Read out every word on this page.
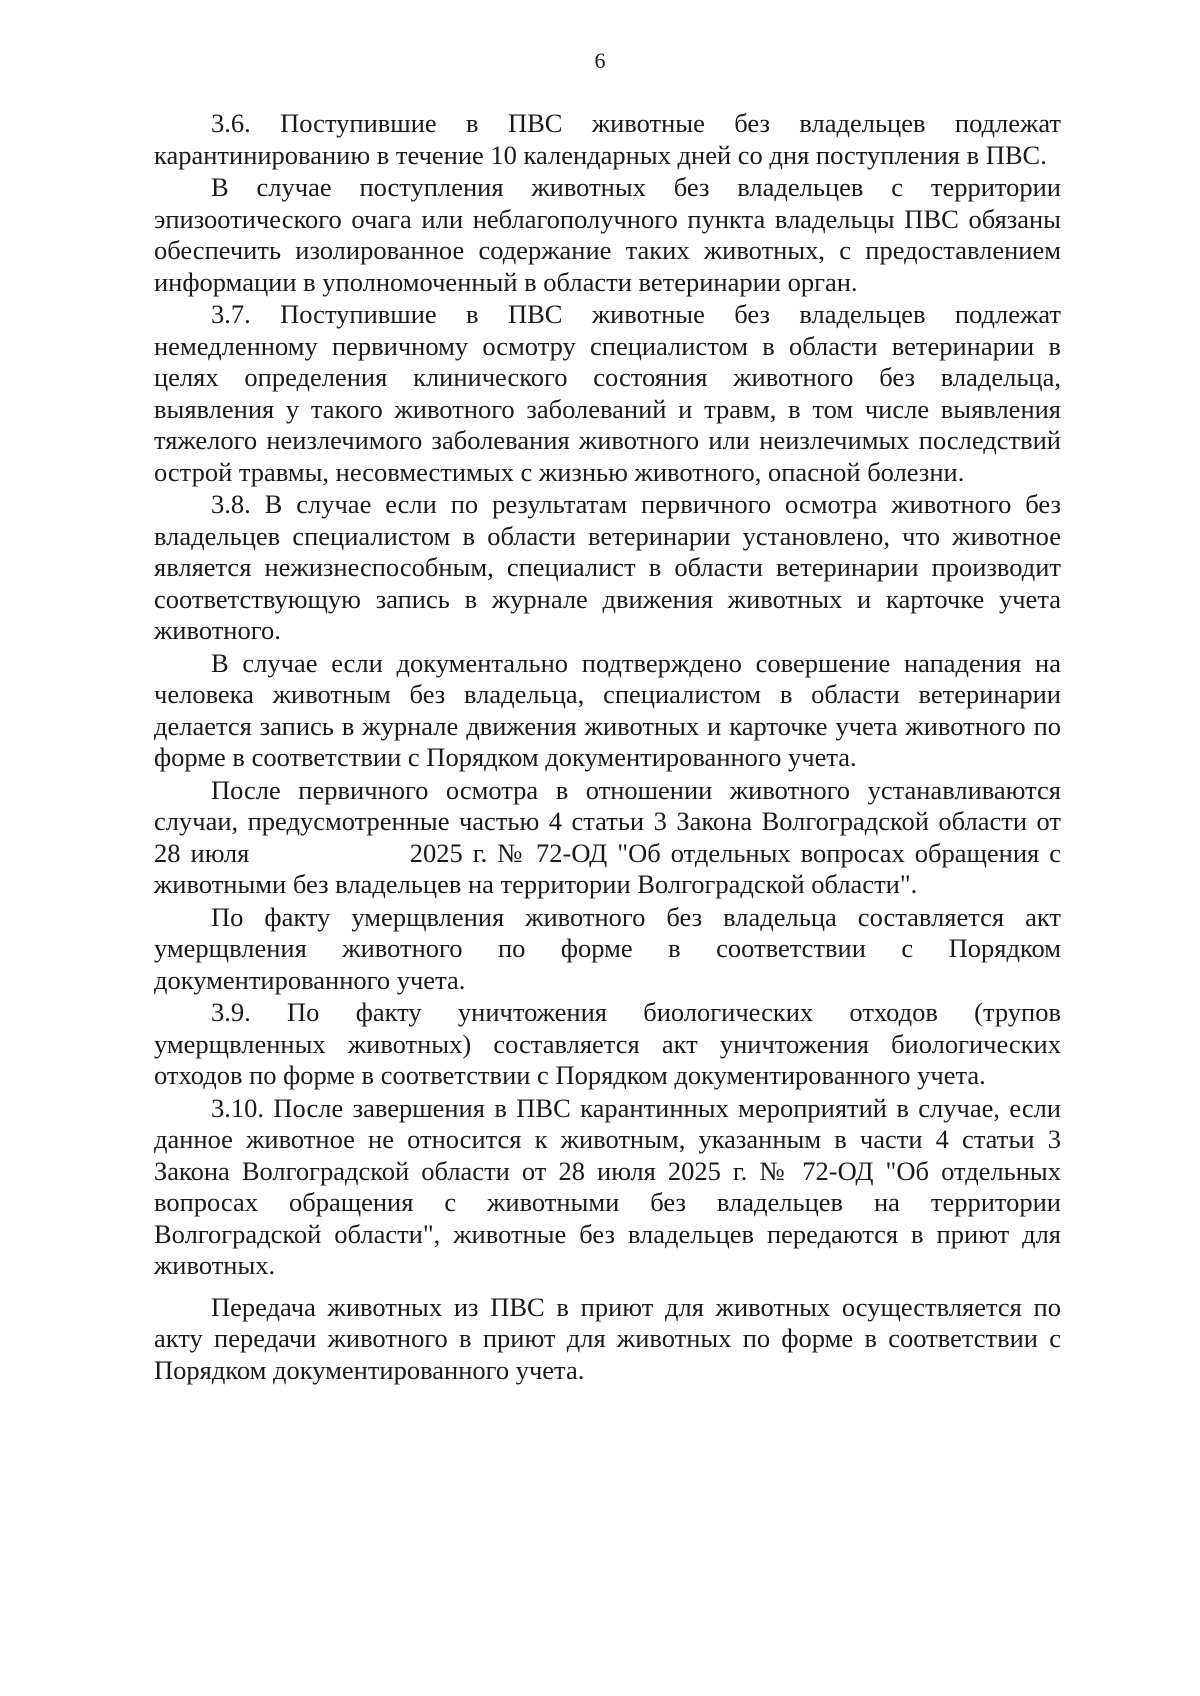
6

3.6. Поступившие в ПВС животные без владельцев подлежат карантинированию в течение 10 календарных дней со дня поступления в ПВС.

В случае поступления животных без владельцев с территории эпизоотического очага или неблагополучного пункта владельцы ПВС обязаны обеспечить изолированное содержание таких животных, с предоставлением информации в уполномоченный в области ветеринарии орган.

3.7. Поступившие в ПВС животные без владельцев подлежат немедленному первичному осмотру специалистом в области ветеринарии в целях определения клинического состояния животного без владельца, выявления у такого животного заболеваний и травм, в том числе выявления тяжелого неизлечимого заболевания животного или неизлечимых последствий острой травмы, несовместимых с жизнью животного, опасной болезни.

3.8. В случае если по результатам первичного осмотра животного без владельцев специалистом в области ветеринарии установлено, что животное является нежизнеспособным, специалист в области ветеринарии производит соответствующую запись в журнале движения животных и карточке учета животного.

В случае если документально подтверждено совершение нападения на человека животным без владельца, специалистом в области ветеринарии делается запись в журнале движения животных и карточке учета животного по форме в соответствии с Порядком документированного учета.

После первичного осмотра в отношении животного устанавливаются случаи, предусмотренные частью 4 статьи 3 Закона Волгоградской области от 28 июля                2025 г. № 72-ОД "Об отдельных вопросах обращения с животными без владельцев на территории Волгоградской области".

По факту умерщвления животного без владельца составляется акт умерщвления животного по форме в соответствии с Порядком документированного учета.

3.9. По факту уничтожения биологических отходов (трупов умерщвленных животных) составляется акт уничтожения биологических отходов по форме в соответствии с Порядком документированного учета.

3.10. После завершения в ПВС карантинных мероприятий в случае, если данное животное не относится к животным, указанным в части 4 статьи 3 Закона Волгоградской области от 28 июля 2025 г. № 72-ОД "Об отдельных вопросах обращения с животными без владельцев на территории Волгоградской области", животные без владельцев передаются в приют для животных.

Передача животных из ПВС в приют для животных осуществляется по акту передачи животного в приют для животных по форме в соответствии с Порядком документированного учета.
